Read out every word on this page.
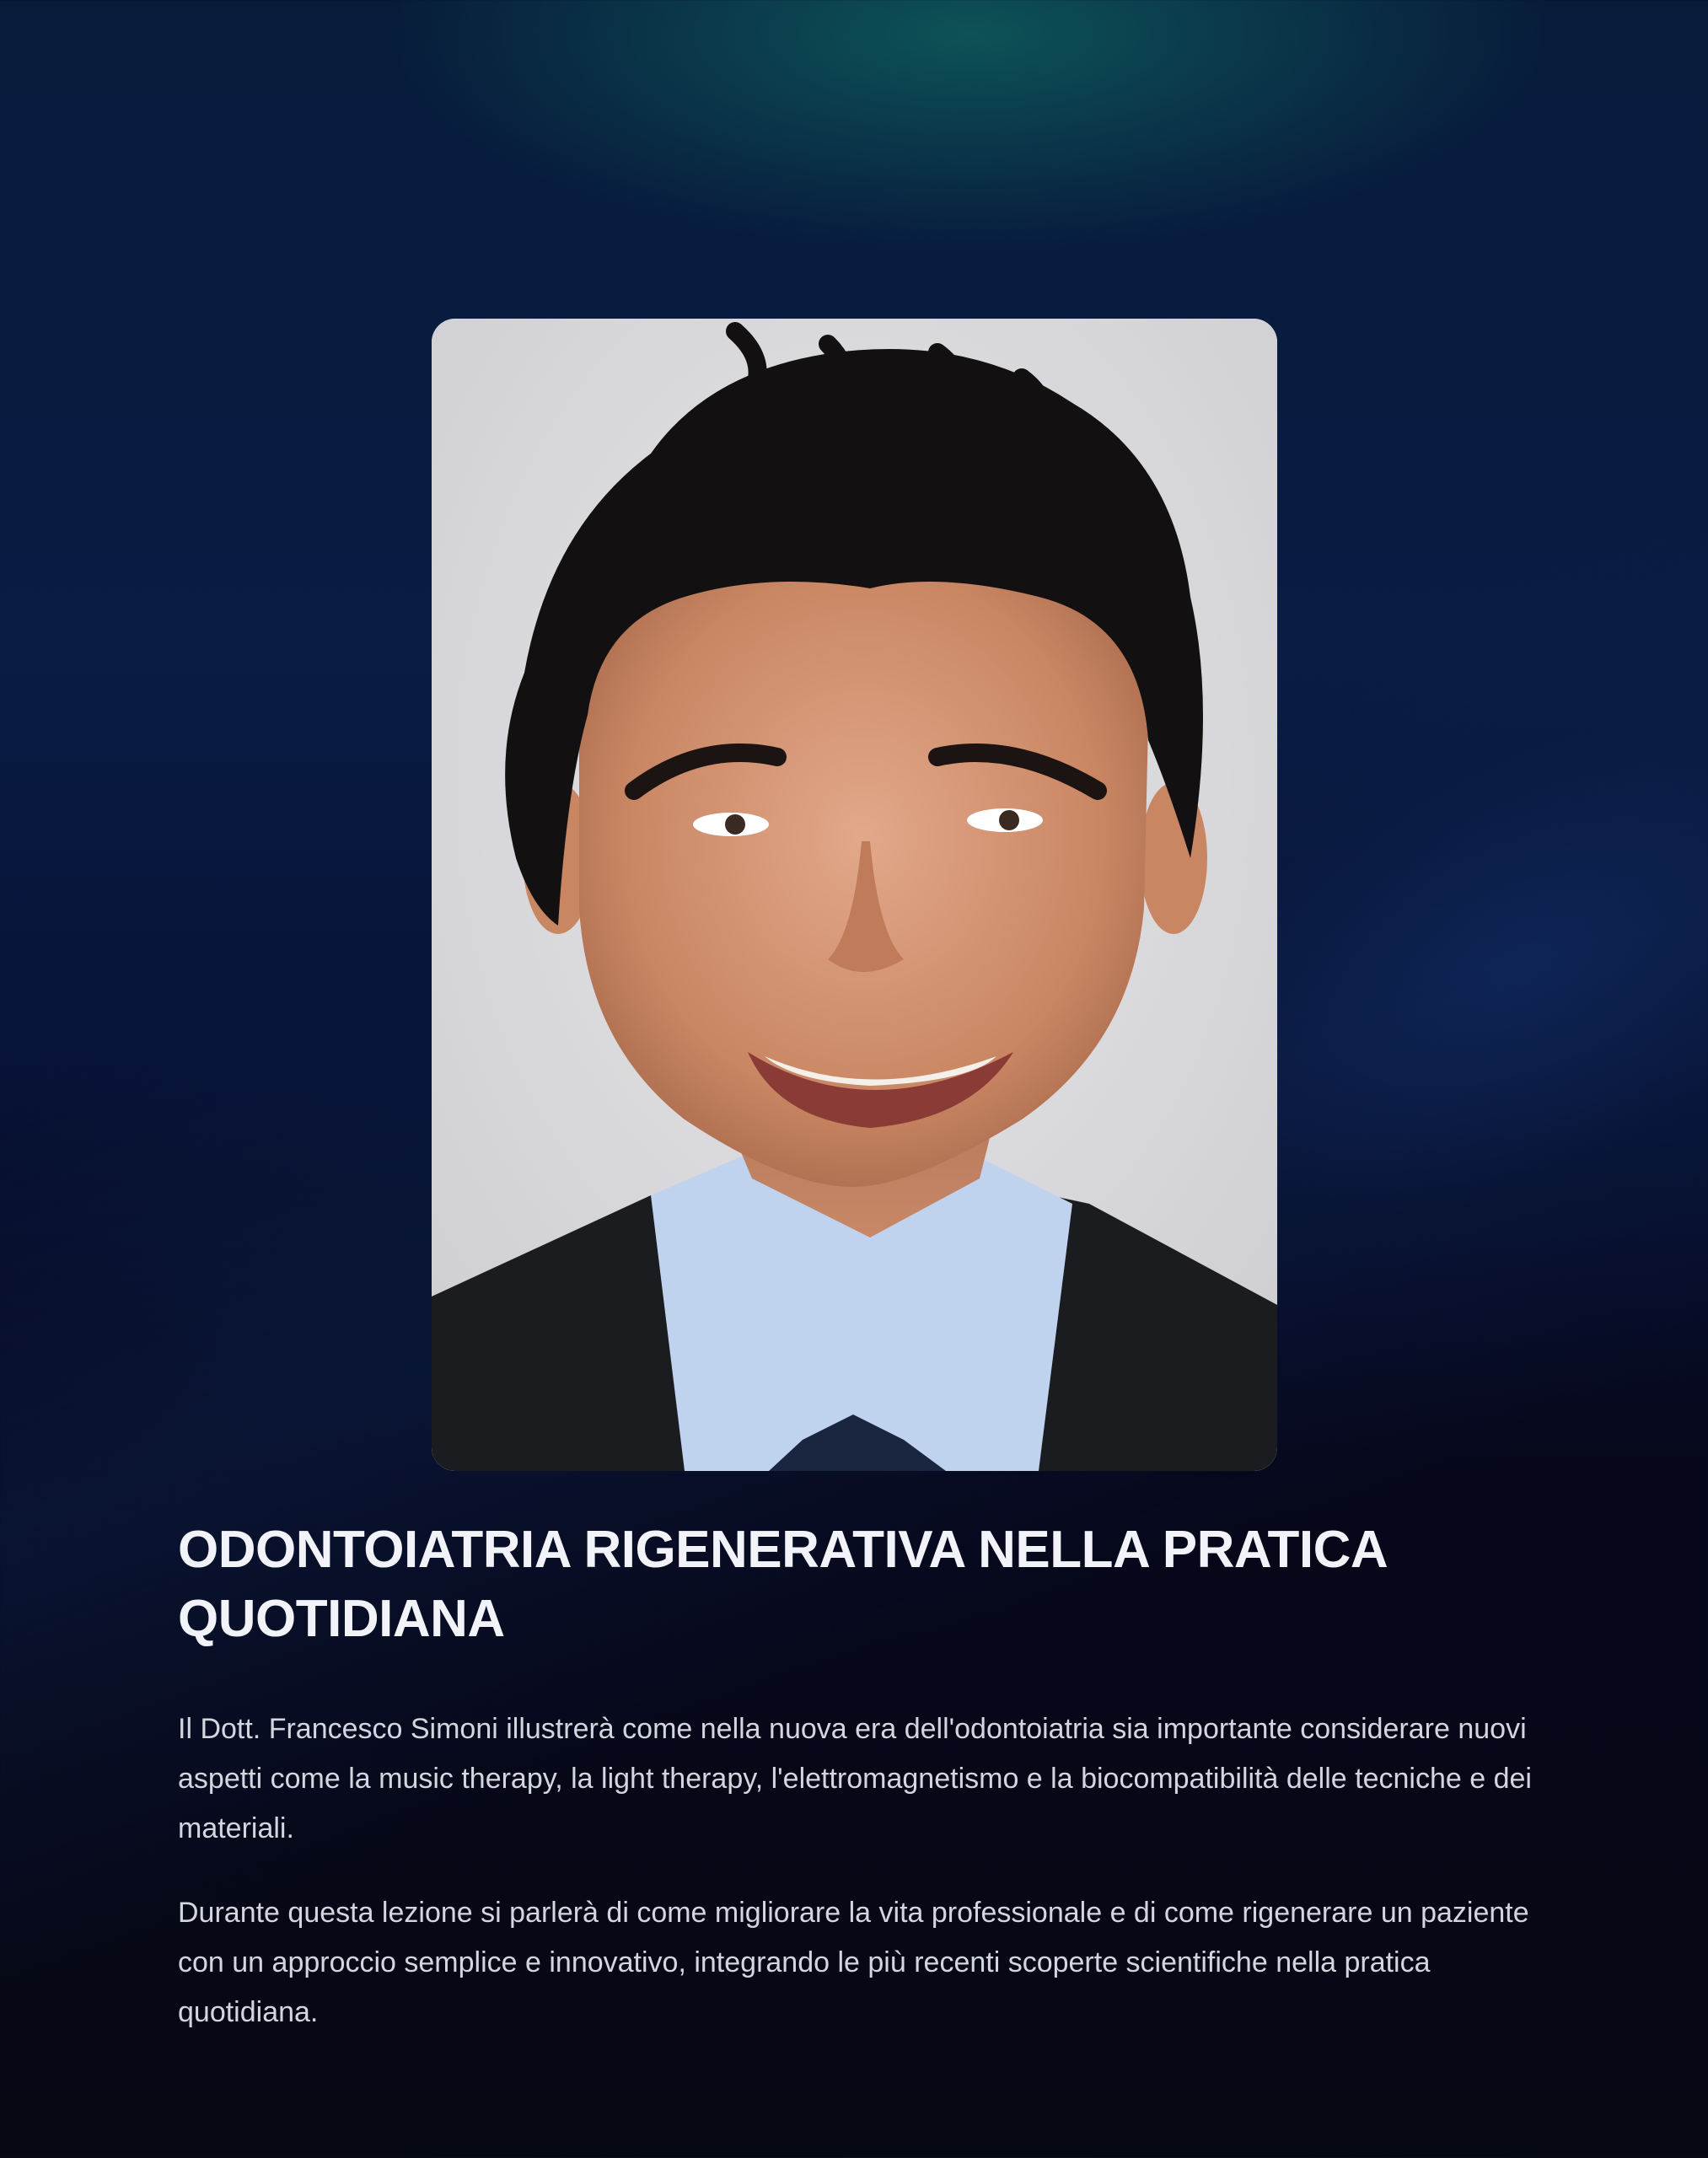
ODONTOIATRIA RIGENERATIVA NELLA PRATICA QUOTIDIANA

Il Dott. Francesco Simoni illustrerà come nella nuova era dell'odontoiatria sia importante considerare nuovi aspetti come la music therapy, la light therapy, l'elettromagnetismo e la biocompatibilità delle tecniche e dei materiali.

Durante questa lezione si parlerà di come migliorare la vita professionale e di come rigenerare un paziente con un approccio semplice e innovativo, integrando le più recenti scoperte scientifiche nella pratica quotidiana.
